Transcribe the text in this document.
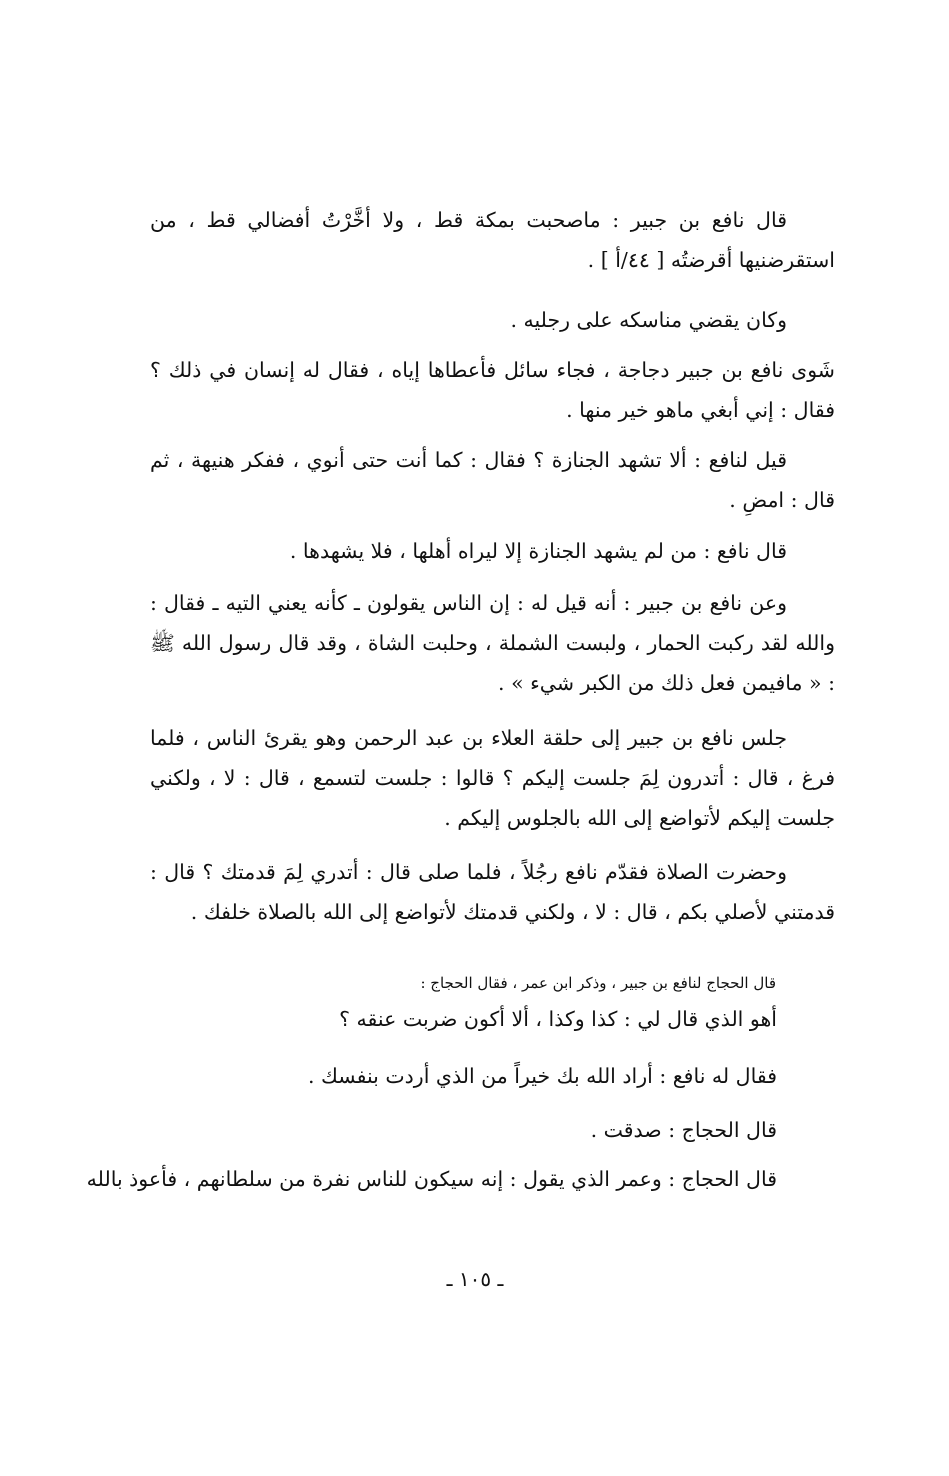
قال نافع بن جبير : ماصحبت بمكة قط ، ولا أخَّرْتُ أفضالي قط ، من استقرضنيها أقرضتُه [ ٤٤/أ ] .

وكان يقضي مناسكه على رجليه .

شَوى نافع بن جبير دجاجة ، فجاء سائل فأعطاها إياه ، فقال له إنسان في ذلك ؟ فقال : إني أبغي ماهو خير منها .

قيل لنافع : ألا تشهد الجنازة ؟ فقال : كما أنت حتى أنوي ، ففكر هنيهة ، ثم قال : امضِ .

قال نافع : من لم يشهد الجنازة إلا ليراه أهلها ، فلا يشهدها .

وعن نافع بن جبير : أنه قيل له : إن الناس يقولون ـ كأنه يعني التيه ـ فقال : والله لقد ركبت الحمار ، ولبست الشملة ، وحلبت الشاة ، وقد قال رسول الله ﷺ : « مافيمن فعل ذلك من الكبر شيء » .

جلس نافع بن جبير إلى حلقة العلاء بن عبد الرحمن وهو يقرئ الناس ، فلما فرغ ، قال : أتدرون لِمَ جلست إليكم ؟ قالوا : جلست لتسمع ، قال : لا ، ولكني جلست إليكم لأتواضع إلى الله بالجلوس إليكم .

وحضرت الصلاة فقدّم نافع رجُلاً ، فلما صلى قال : أتدري لِمَ قدمتك ؟ قال : قدمتني لأصلي بكم ، قال : لا ، ولكني قدمتك لأتواضع إلى الله بالصلاة خلفك .

قال الحجاج لنافع بن جبير ، وذكر ابن عمر ، فقال الحجاج :

أهو الذي قال لي : كذا وكذا ، ألا أكون ضربت عنقه ؟

فقال له نافع : أراد الله بك خيراً من الذي أردت بنفسك .

قال الحجاج : صدقت .

قال الحجاج : وعمر الذي يقول : إنه سيكون للناس نفرة من سلطانهم ، فأعوذ بالله

ـ ١٠٥ ـ
